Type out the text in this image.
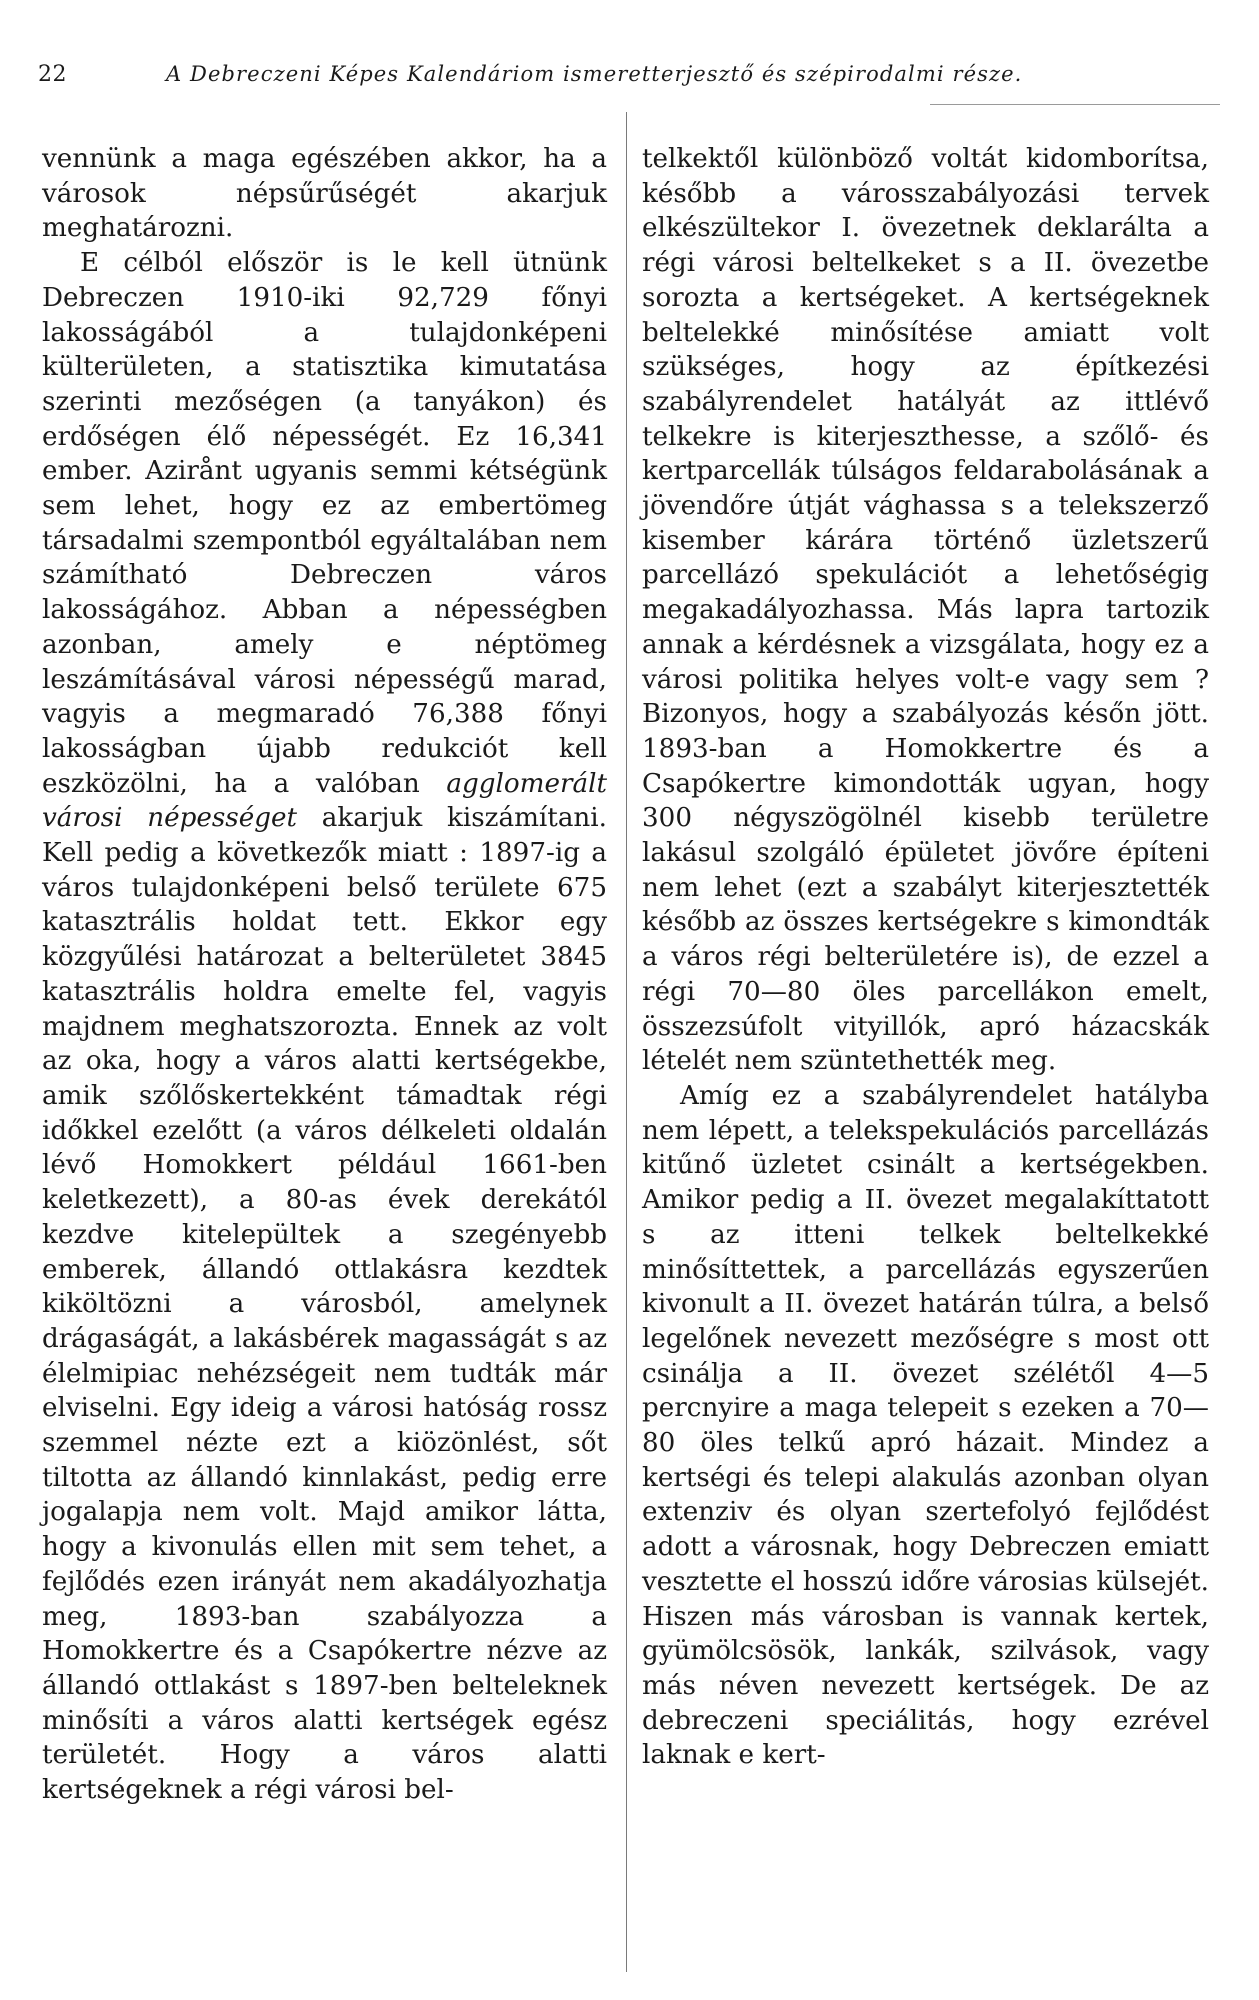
22	A Debreczeni Képes Kalendáriom ismeretterjesztő és szépirodalmi része.

vennünk a maga egészében akkor, ha a városok népsűrűségét akarjuk meghatározni.

E célból először is le kell ütnünk Debreczen 1910-iki 92,729 főnyi lakosságából a tulajdonképeni külterületen, a statisztika kimutatása szerinti mezőségen (a tanyákon) és erdőségen élő népességét. Ez 16,341 ember. Azirånt ugyanis semmi kétségünk sem lehet, hogy ez az embertömeg társadalmi szempontból egyáltalában nem számítható Debreczen város lakosságához. Abban a népességben azonban, amely e néptömeg leszámításával városi népességű marad, vagyis a megmaradó 76,388 főnyi lakosságban újabb redukciót kell eszközölni, ha a valóban agglomerált városi népességet akarjuk kiszámítani. Kell pedig a következők miatt : 1897-ig a város tulajdonképeni belső területe 675 katasztrális holdat tett. Ekkor egy közgyűlési határozat a belterületet 3845 katasztrális holdra emelte fel, vagyis majdnem meghatszorozta. Ennek az volt az oka, hogy a város alatti kertségekbe, amik szőlőskertekként támadtak régi időkkel ezelőtt (a város délkeleti oldalán lévő Homokkert például 1661-ben keletkezett), a 80-as évek derekától kezdve kitelepültek a szegényebb emberek, állandó ottlakásra kezdtek kiköltözni a városból, amelynek drágaságát, a lakásbérek magasságát s az élelmipiac nehézségeit nem tudták már elviselni. Egy ideig a városi hatóság rossz szemmel nézte ezt a kiözönlést, sőt tiltotta az állandó kinnlakást, pedig erre jogalapja nem volt. Majd amikor látta, hogy a kivonulás ellen mit sem tehet, a fejlődés ezen irányát nem akadályozhatja meg, 1893-ban szabályozza a Homokkertre és a Csapókertre nézve az állandó ottlakást s 1897-ben belteleknek minősíti a város alatti kertségek egész területét. Hogy a város alatti kertségeknek a régi városi bel-

telkektől különböző voltát kidomborítsa, később a városszabályozási tervek elkészültekor I. övezetnek deklarálta a régi városi beltelkeket s a II. övezetbe sorozta a kertségeket. A kertségeknek beltelekké minősítése amiatt volt szükséges, hogy az építkezési szabályrendelet hatályát az ittlévő telkekre is kiterjeszthesse, a szőlő- és kertparcellák túlságos feldarabolásának a jövendőre útját vághassa s a telekszerző kisember kárára történő üzletszerű parcellázó spekulációt a lehetőségig megakadályozhassa. Más lapra tartozik annak a kérdésnek a vizsgálata, hogy ez a városi politika helyes volt-e vagy sem ? Bizonyos, hogy a szabályozás későn jött. 1893-ban a Homokkertre és a Csapókertre kimondották ugyan, hogy 300 négyszögölnél kisebb területre lakásul szolgáló épületet jövőre építeni nem lehet (ezt a szabályt kiterjesztették később az összes kertségekre s kimondták a város régi belterületére is), de ezzel a régi 70—80 öles parcellákon emelt, összezsúfolt vityillók, apró házacskák lételét nem szüntethették meg.

Amíg ez a szabályrendelet hatályba nem lépett, a telekspekulációs parcellázás kitűnő üzletet csinált a kertségekben. Amikor pedig a II. övezet megalakíttatott s az itteni telkek beltelkekké minősíttettek, a parcellázás egyszerűen kivonult a II. övezet határán túlra, a belső legelőnek nevezett mezőségre s most ott csinálja a II. övezet szélétől 4—5 percnyire a maga telepeit s ezeken a 70—80 öles telkű apró házait. Mindez a kertségi és telepi alakulás azonban olyan extenziv és olyan szertefolyó fejlődést adott a városnak, hogy Debreczen emiatt vesztette el hosszú időre városias külsejét. Hiszen más városban is vannak kertek, gyümölcsösök, lankák, szilvások, vagy más néven nevezett kertségek. De az debreczeni speciálitás, hogy ezrével laknak e kert-
